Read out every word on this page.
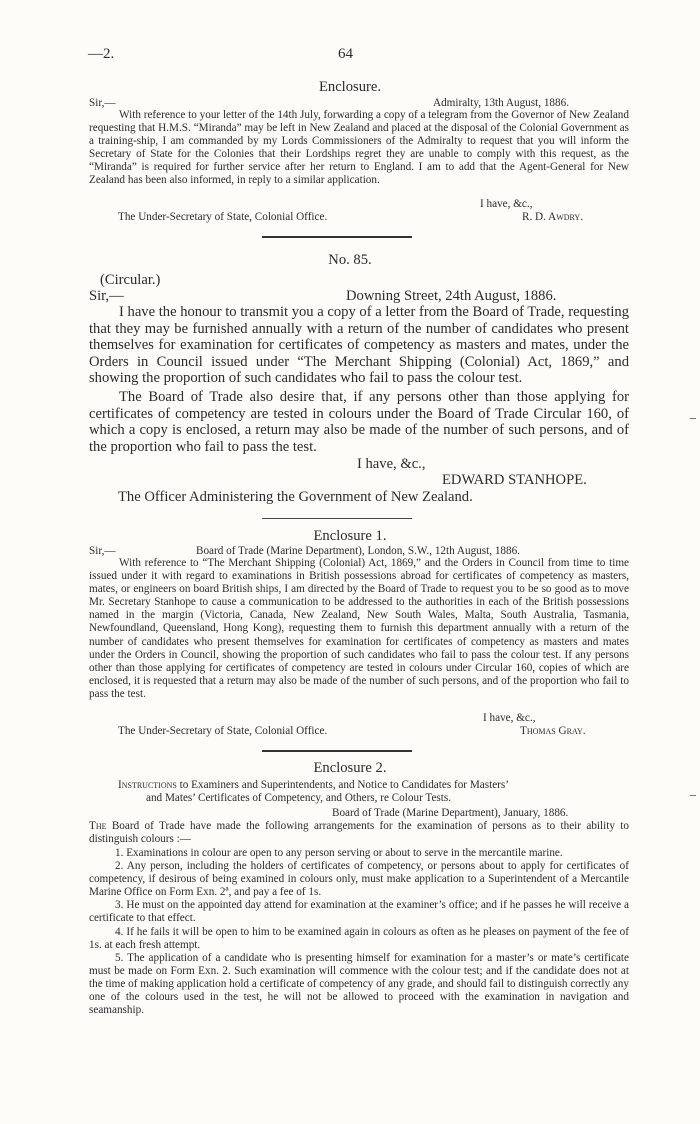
—2.	64
Enclosure.
Sir,—	Admiralty, 13th August, 1886.

With reference to your letter of the 14th July, forwarding a copy of a telegram from the Governor of New Zealand requesting that H.M.S. “Miranda” may be left in New Zealand and placed at the disposal of the Colonial Government as a training-ship, I am commanded by my Lords Commissioners of the Admiralty to request that you will inform the Secretary of State for the Colonies that their Lordships regret they are unable to comply with this request, as the “Miranda” is required for further service after her return to England. I am to add that the Agent-General for New Zealand has been also informed, in reply to a similar application.

I have, &c.,
The Under-Secretary of State, Colonial Office.	R. D. Awdry.
No. 85.
(Circular.)
Sir,—	Downing Street, 24th August, 1886.

I have the honour to transmit you a copy of a letter from the Board of Trade, requesting that they may be furnished annually with a return of the number of candidates who present themselves for examination for certificates of competency as masters and mates, under the Orders in Council issued under “The Merchant Shipping (Colonial) Act, 1869,” and showing the proportion of such candidates who fail to pass the colour test.

The Board of Trade also desire that, if any persons other than those applying for certificates of competency are tested in colours under the Board of Trade Circular 160, of which a copy is enclosed, a return may also be made of the number of such persons, and of the proportion who fail to pass the test.

I have, &c.,
EDWARD STANHOPE.
The Officer Administering the Government of New Zealand.
Enclosure 1.
Sir,—	Board of Trade (Marine Department), London, S.W., 12th August, 1886.

With reference to “The Merchant Shipping (Colonial) Act, 1869,” and the Orders in Council from time to time issued under it with regard to examinations in British possessions abroad for certificates of competency as masters, mates, or engineers on board British ships, I am directed by the Board of Trade to request you to be so good as to move Mr. Secretary Stanhope to cause a communication to be addressed to the authorities in each of the British possessions named in the margin (Victoria, Canada, New Zealand, New South Wales, Malta, South Australia, Tasmania, Newfoundland, Queensland, Hong Kong), requesting them to furnish this department annually with a return of the number of candidates who present themselves for examination for certificates of competency as masters and mates under the Orders in Council, showing the proportion of such candidates who fail to pass the colour test. If any persons other than those applying for certificates of competency are tested in colours under Circular 160, copies of which are enclosed, it is requested that a return may also be made of the number of such persons, and of the proportion who fail to pass the test.

I have, &c.,
The Under-Secretary of State, Colonial Office.	Thomas Gray.
Enclosure 2.
Instructions to Examiners and Superintendents, and Notice to Candidates for Masters’
and Mates’ Certificates of Competency, and Others, re Colour Tests.
Board of Trade (Marine Department), January, 1886.

The Board of Trade have made the following arrangements for the examination of persons as to their ability to distinguish colours :—

1. Examinations in colour are open to any person serving or about to serve in the mercantile marine.

2. Any person, including the holders of certificates of competency, or persons about to apply for certificates of competency, if desirous of being examined in colours only, must make application to a Superintendent of a Mercantile Marine Office on Form Exn. 2ª, and pay a fee of 1s.

3. He must on the appointed day attend for examination at the examiner’s office; and if he passes he will receive a certificate to that effect.

4. If he fails it will be open to him to be examined again in colours as often as he pleases on payment of the fee of 1s. at each fresh attempt.

5. The application of a candidate who is presenting himself for examination for a master’s or mate’s certificate must be made on Form Exn. 2. Such examination will commence with the colour test; and if the candidate does not at the time of making application hold a certificate of competency of any grade, and should fail to distinguish correctly any one of the colours used in the test, he will not be allowed to proceed with the examination in navigation and seamanship.
